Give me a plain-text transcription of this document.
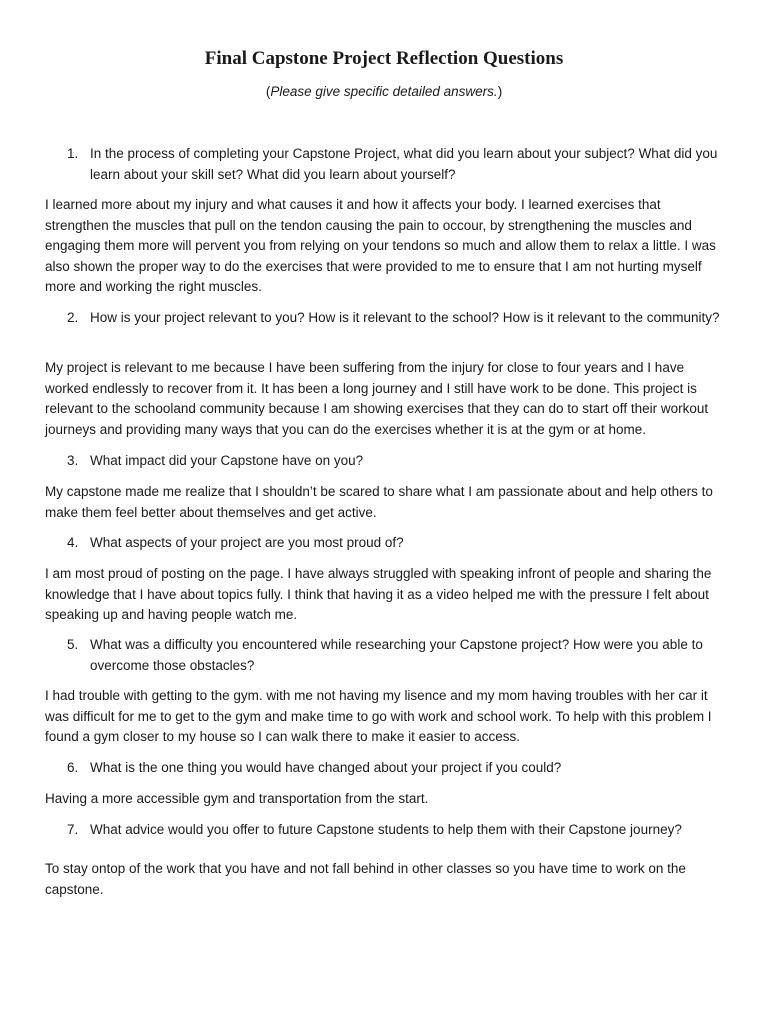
Final Capstone Project Reflection Questions
(Please give specific detailed answers.)
1. In the process of completing your Capstone Project, what did you learn about your subject? What did you learn about your skill set? What did you learn about yourself?

I learned more about my injury and what causes it and how it affects your body. I learned exercises that strengthen the muscles that pull on the tendon causing the pain to occour, by strengthening the muscles and engaging them more will pervent you from relying on your tendons so much and allow them to relax a little. I was also shown the proper way to do the exercises that were provided to me to ensure that I am not hurting myself more and working the right muscles.

2. How is your project relevant to you? How is it relevant to the school? How is it relevant to the community?

My project is relevant to me because I have been suffering from the injury for close to four years and I have worked endlessly to recover from it. It has been a long journey and I still have work to be done. This project is relevant to the schooland community because I am showing exercises that they can do to start off their workout journeys and providing many ways that you can do the exercises whether it is at the gym or at home.

3. What impact did your Capstone have on you?

My capstone made me realize that I shouldn’t be scared to share what I am passionate about and help others to make them feel better about themselves and get active.

4. What aspects of your project are you most proud of?

I am most proud of posting on the page. I have always struggled with speaking infront of people and sharing the knowledge that I have about topics fully. I think that having it as a video helped me with the pressure I felt about speaking up and having people watch me.

5. What was a difficulty you encountered while researching your Capstone project? How were you able to overcome those obstacles?

I had trouble with getting to the gym. with me not having my lisence and my mom having troubles with her car it was difficult for me to get to the gym and make time to go with work and school work. To help with this problem I found a gym closer to my house so I can walk there to make it easier to access.

6. What is the one thing you would have changed about your project if you could?

Having a more accessible gym and transportation from the start.

7. What advice would you offer to future Capstone students to help them with their Capstone journey?

To stay ontop of the work that you have and not fall behind in other classes so you have time to work on the capstone.
